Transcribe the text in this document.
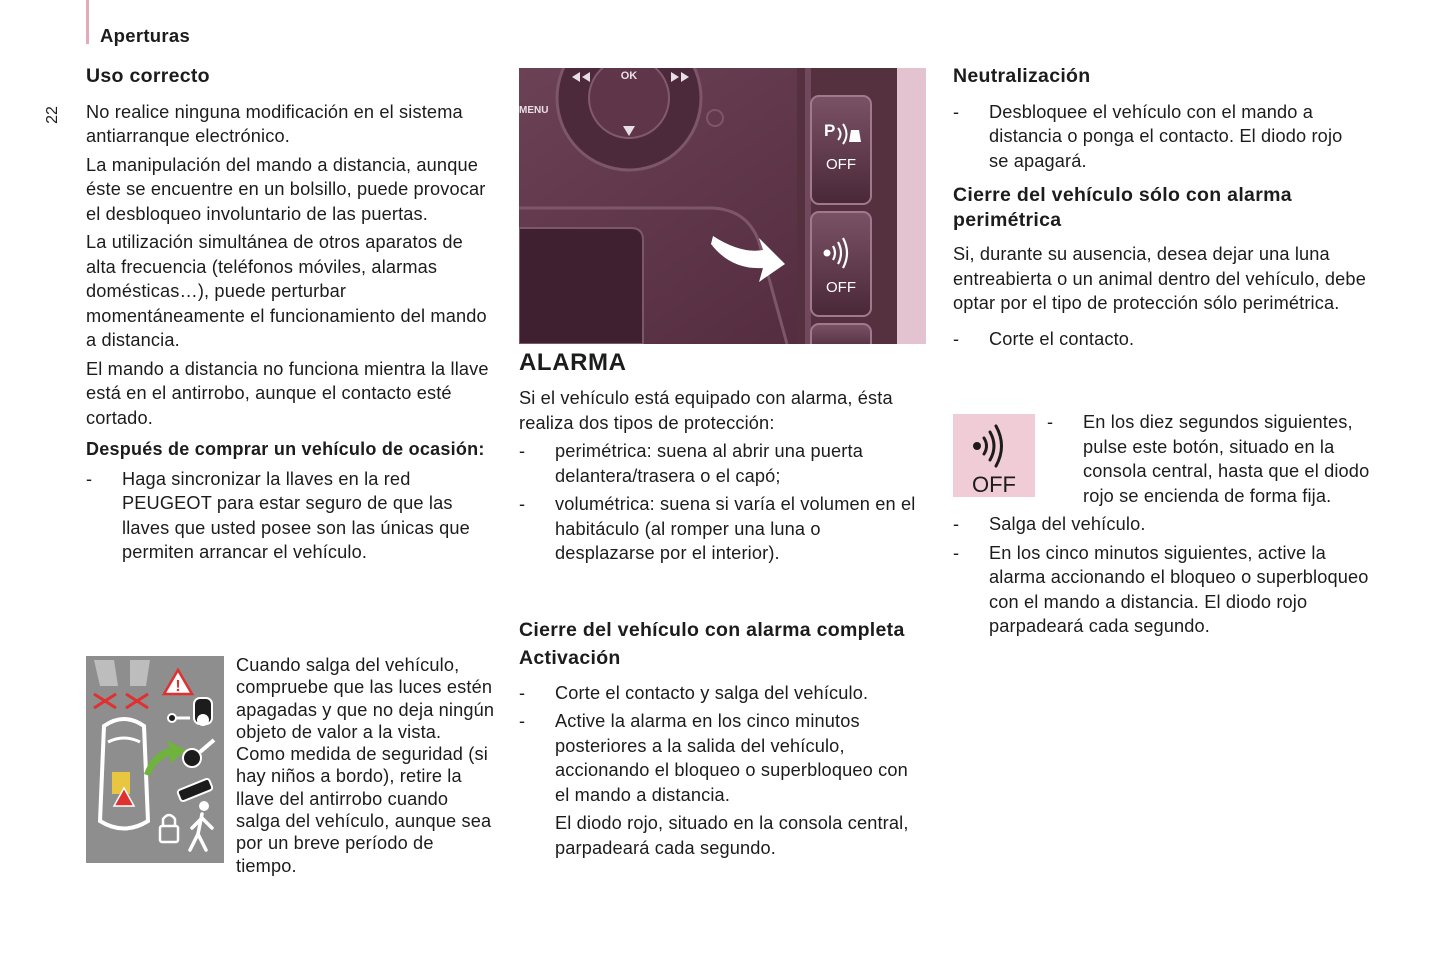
Aperturas
22
Uso correcto

No realice ninguna modificación en el sistema antiarranque electrónico.

La manipulación del mando a distancia, aunque éste se encuentre en un bolsillo, puede provocar el desbloqueo involuntario de las puertas.

La utilización simultánea de otros aparatos de alta frecuencia (teléfonos móviles, alarmas domésticas…), puede perturbar momentáneamente el funcionamiento del mando a distancia.

El mando a distancia no funciona mientra la llave está en el antirrobo, aunque el contacto esté cortado.

Después de comprar un vehículo de ocasión:
- Haga sincronizar la llaves en la red PEUGEOT para estar seguro de que las llaves que usted posee son las únicas que permiten arrancar el vehículo.
!

Cuando salga del vehículo, compruebe que las luces estén apagadas y que no deja ningún objeto de valor a la vista.

Como medida de seguridad (si hay niños a bordo), retire la llave del antirrobo cuando salga del vehículo, aunque sea por un breve período de tiempo.

OK
MENU
P
OFF
OFF
ALARMA

Si el vehículo está equipado con alarma, ésta realiza dos tipos de protección:

- perimétrica: suena al abrir una puerta delantera/trasera o el capó;
- volumétrica: suena si varía el volumen en el habitáculo (al romper una luna o desplazarse por el interior).
Cierre del vehículo con alarma completa
Activación
- Corte el contacto y salga del vehículo.
- Active la alarma en los cinco minutos posteriores a la salida del vehículo, accionando el bloqueo o superbloqueo con el mando a distancia.

El diodo rojo, situado en la consola central, parpadeará cada segundo.

Neutralización
- Desbloquee el vehículo con el mando a distancia o ponga el contacto. El diodo rojo se apagará.
Cierre del vehículo sólo con alarma perimétrica

Si, durante su ausencia, desea dejar una luna entreabierta o un animal dentro del vehículo, debe optar por el tipo de protección sólo perimétrica.

- Corte el contacto.
OFF
- En los diez segundos siguientes, pulse este botón, situado en la consola central, hasta que el diodo rojo se encienda de forma fija.
- Salga del vehículo.
- En los cinco minutos siguientes, active la alarma accionando el bloqueo o superbloqueo con el mando a distancia. El diodo rojo parpadeará cada segundo.
